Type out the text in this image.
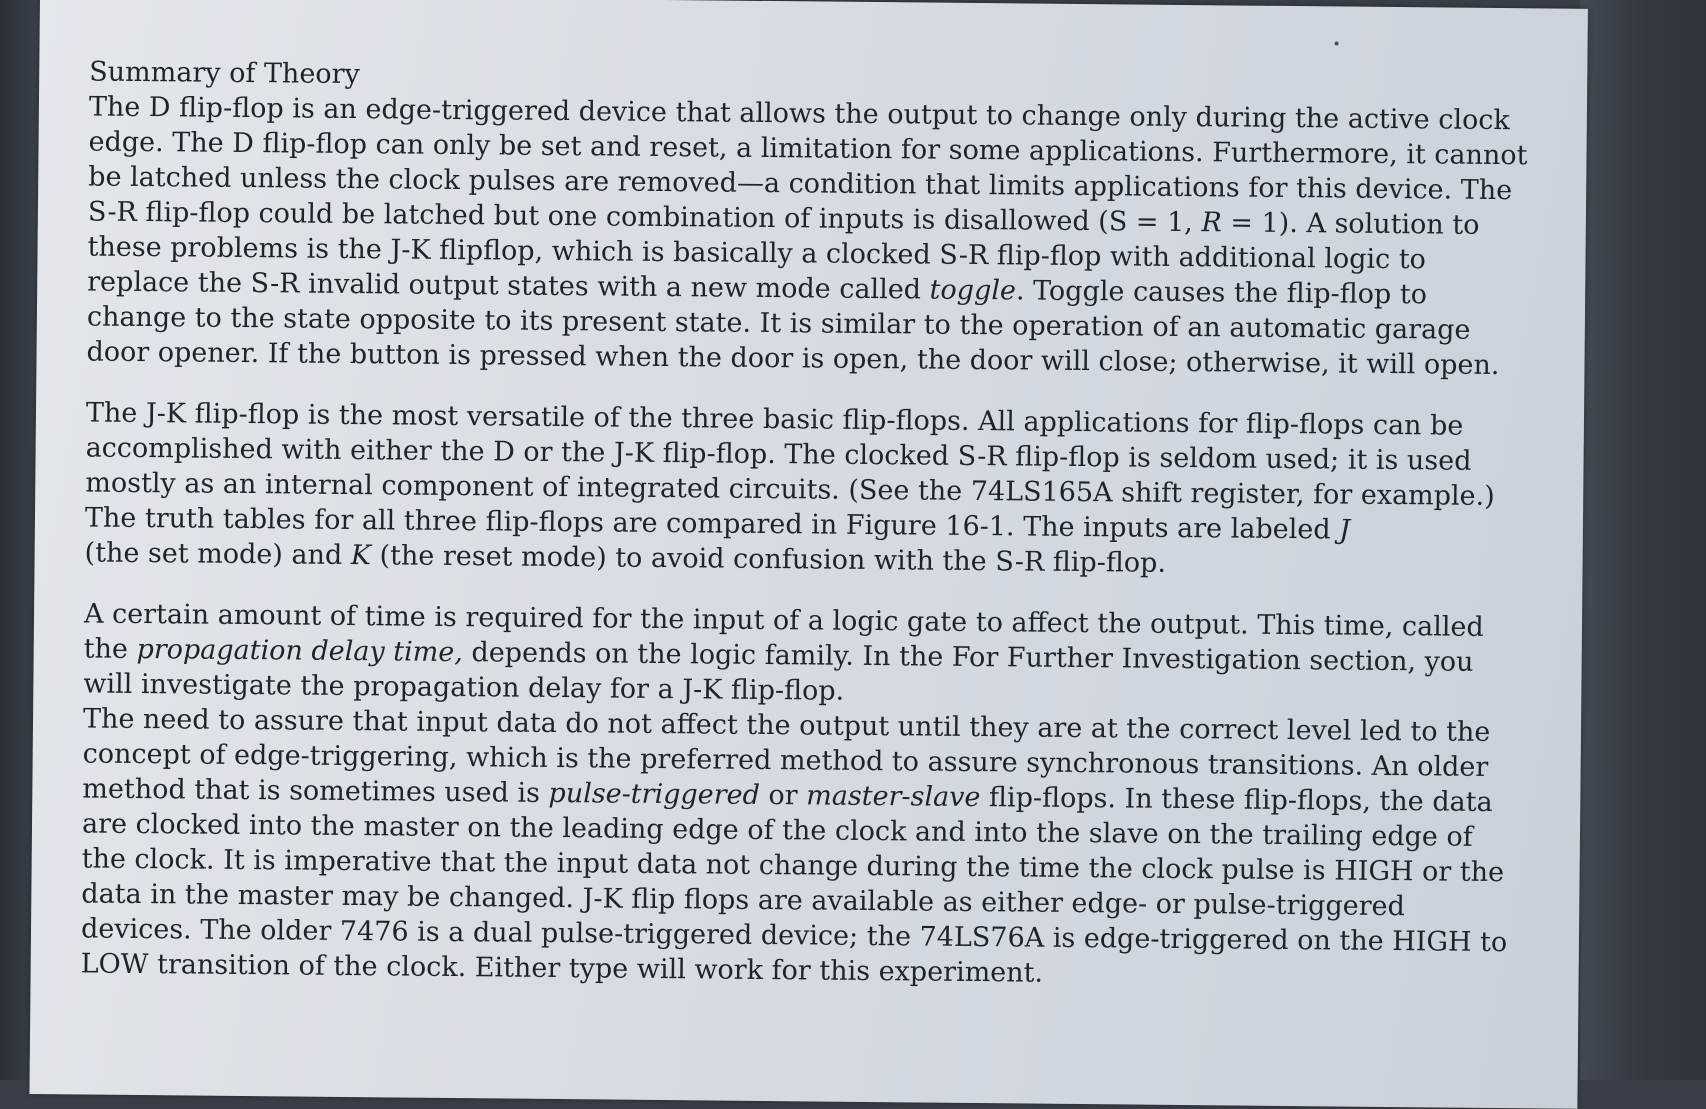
Summary of Theory

The D flip-flop is an edge-triggered device that allows the output to change only during the active clock edge. The D flip-flop can only be set and reset, a limitation for some applications. Furthermore, it cannot be latched unless the clock pulses are removed—a condition that limits applications for this device. The S-R flip-flop could be latched but one combination of inputs is disallowed (S = 1, R = 1). A solution to these problems is the J-K flipflop, which is basically a clocked S-R flip-flop with additional logic to replace the S-R invalid output states with a new mode called toggle. Toggle causes the flip-flop to change to the state opposite to its present state. It is similar to the operation of an automatic garage door opener. If the button is pressed when the door is open, the door will close; otherwise, it will open.

The J-K flip-flop is the most versatile of the three basic flip-flops. All applications for flip-flops can be accomplished with either the D or the J-K flip-flop. The clocked S-R flip-flop is seldom used; it is used mostly as an internal component of integrated circuits. (See the 74LS165A shift register, for example.) The truth tables for all three flip-flops are compared in Figure 16-1. The inputs are labeled J
(the set mode) and K (the reset mode) to avoid confusion with the S-R flip-flop.

A certain amount of time is required for the input of a logic gate to affect the output. This time, called the propagation delay time, depends on the logic family. In the For Further Investigation section, you will investigate the propagation delay for a J-K flip-flop.

The need to assure that input data do not affect the output until they are at the correct level led to the concept of edge-triggering, which is the preferred method to assure synchronous transitions. An older method that is sometimes used is pulse-triggered or master-slave flip-flops. In these flip-flops, the data are clocked into the master on the leading edge of the clock and into the slave on the trailing edge of the clock. It is imperative that the input data not change during the time the clock pulse is HIGH or the data in the master may be changed. J-K flip flops are available as either edge- or pulse-triggered devices. The older 7476 is a dual pulse-triggered device; the 74LS76A is edge-triggered on the HIGH to LOW transition of the clock. Either type will work for this experiment.
